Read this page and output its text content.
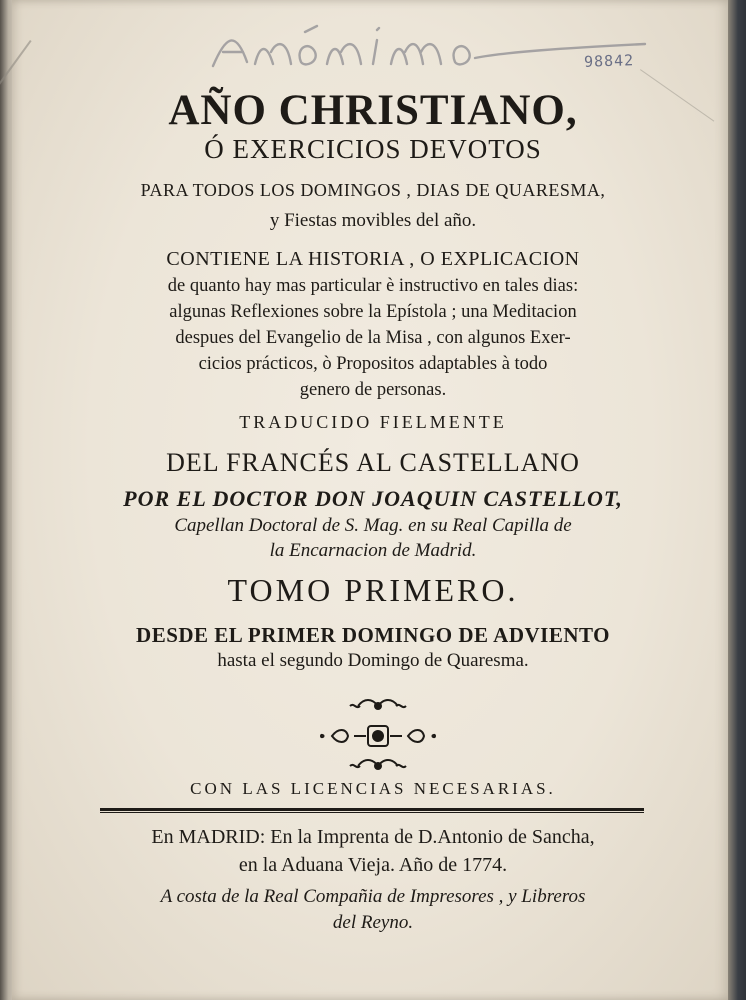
98842
AÑO CHRISTIANO,
Ó EXERCICIOS DEVOTOS
PARA TODOS LOS DOMINGOS , DIAS DE QUARESMA,
y Fiestas movibles del año.
CONTIENE LA HISTORIA , O EXPLICACION
de quanto hay mas particular è instructivo en tales dias:
algunas Reflexiones sobre la Epístola ; una Meditacion
despues del Evangelio de la Misa , con algunos Exer-
cicios prácticos, ò Propositos adaptables à todo
genero de personas.
TRADUCIDO FIELMENTE
DEL FRANCÉS AL CASTELLANO
POR EL DOCTOR DON JOAQUIN CASTELLOT,
Capellan Doctoral de S. Mag. en su Real Capilla de
la Encarnacion de Madrid.
TOMO PRIMERO.
DESDE EL PRIMER DOMINGO DE ADVIENTO
hasta el segundo Domingo de Quaresma.
CON LAS LICENCIAS NECESARIAS.
En MADRID: En la Imprenta de D.Antonio de Sancha,
en la Aduana Vieja. Año de 1774.
A costa de la Real Compañia de Impresores , y Libreros
del Reyno.
